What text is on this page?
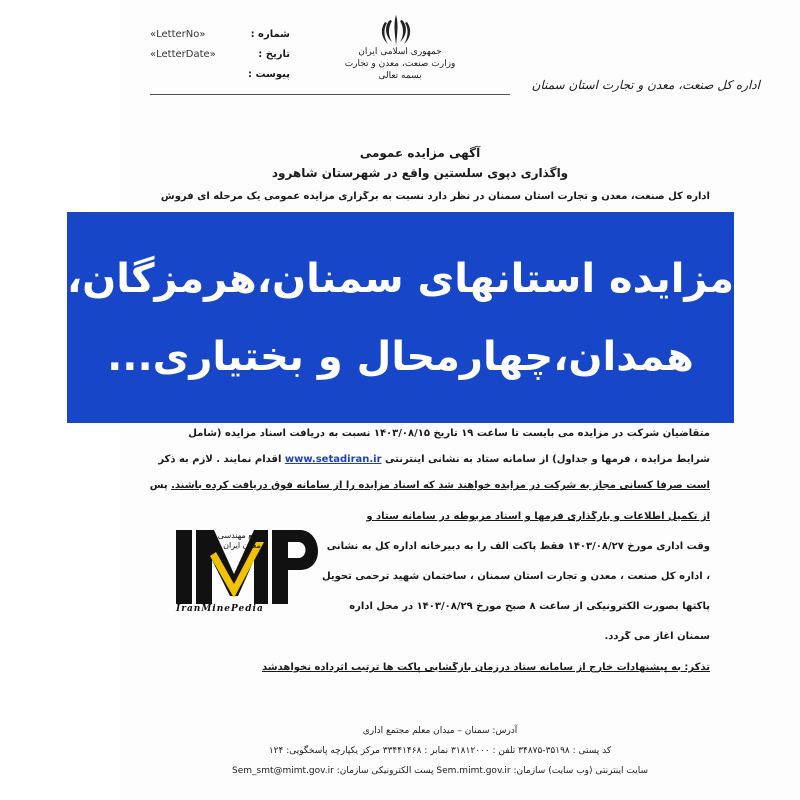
شماره :
«LetterNo»
تاریخ :
«LetterDate»
پیوست :
جمهوری اسلامی ایران
وزارت صنعت، معدن و تجارت
بسمه تعالی
اداره کل صنعت، معدن و تجارت استان سمنان
آگهی مزایده عمومی
واگذاری دپوی سلستین واقع در شهرستان شاهرود
اداره کل صنعت، معدن و تجارت استان سمنان در نظر دارد نسبت به برگزاری مزایده عمومی یک مرحله ای فروش
متقاضیان شرکت در مزایده می بایست تا ساعت ۱۹ تاریخ ۱۴۰۳/۰۸/۱۵ نسبت به دریافت اسناد مزایده (شامل
شرایط مزایده ، فرمها و جداول) از سامانه ستاد به نشانی اینترنتی www.setadiran.ir اقدام نمایند . لازم به ذکر
است صرفا کسانی مجاز به شرکت در مزایده خواهند شد که اسناد مزایده را از سامانه فوق دریافت کرده باشند. پس
از تکمیل اطلاعات و بارگذاری فرمها و اسناد مربوطه در سامانه ستاد و
وقت اداری مورخ ۱۴۰۳/۰۸/۲۷ فقط پاکت الف را به دبیرخانه اداره کل به نشانی
، اداره کل صنعت ، معدن و تجارت استان سمنان ، ساختمان شهید ترحمی تحویل
پاکتها بصورت الکترونیکی از ساعت ۸ صبح مورخ ۱۴۰۳/۰۸/۲۹ در محل اداره
سمنان آغاز می گردد.
تذکر: به پیشنهادات خارج از سامانه ستاد درزمان بازگشایی پاکت ها ترتیب اثرداده نخواهدشد
مزایده استانهای سمنان،هرمزگان،
همدان،چهارمحال و بختیاری...
مرجع مهندسی
معدن ایران
IranMinePedia
آدرس: سمنان – میدان معلم مجتمع اداری
کد پستی : ۳۵۱۹۸-۳۴۸۷۵ تلفن : ۳۱۸۱۲۰۰۰ نمابر : ۳۳۴۴۱۴۶۸ مرکز یکپارچه پاسخگویی: ۱۲۴
سایت اینترنتی (وب سایت) سازمان: Sem.mimt.gov.ir پست الکترونیکی سازمان: Sem_smt@mimt.gov.ir
